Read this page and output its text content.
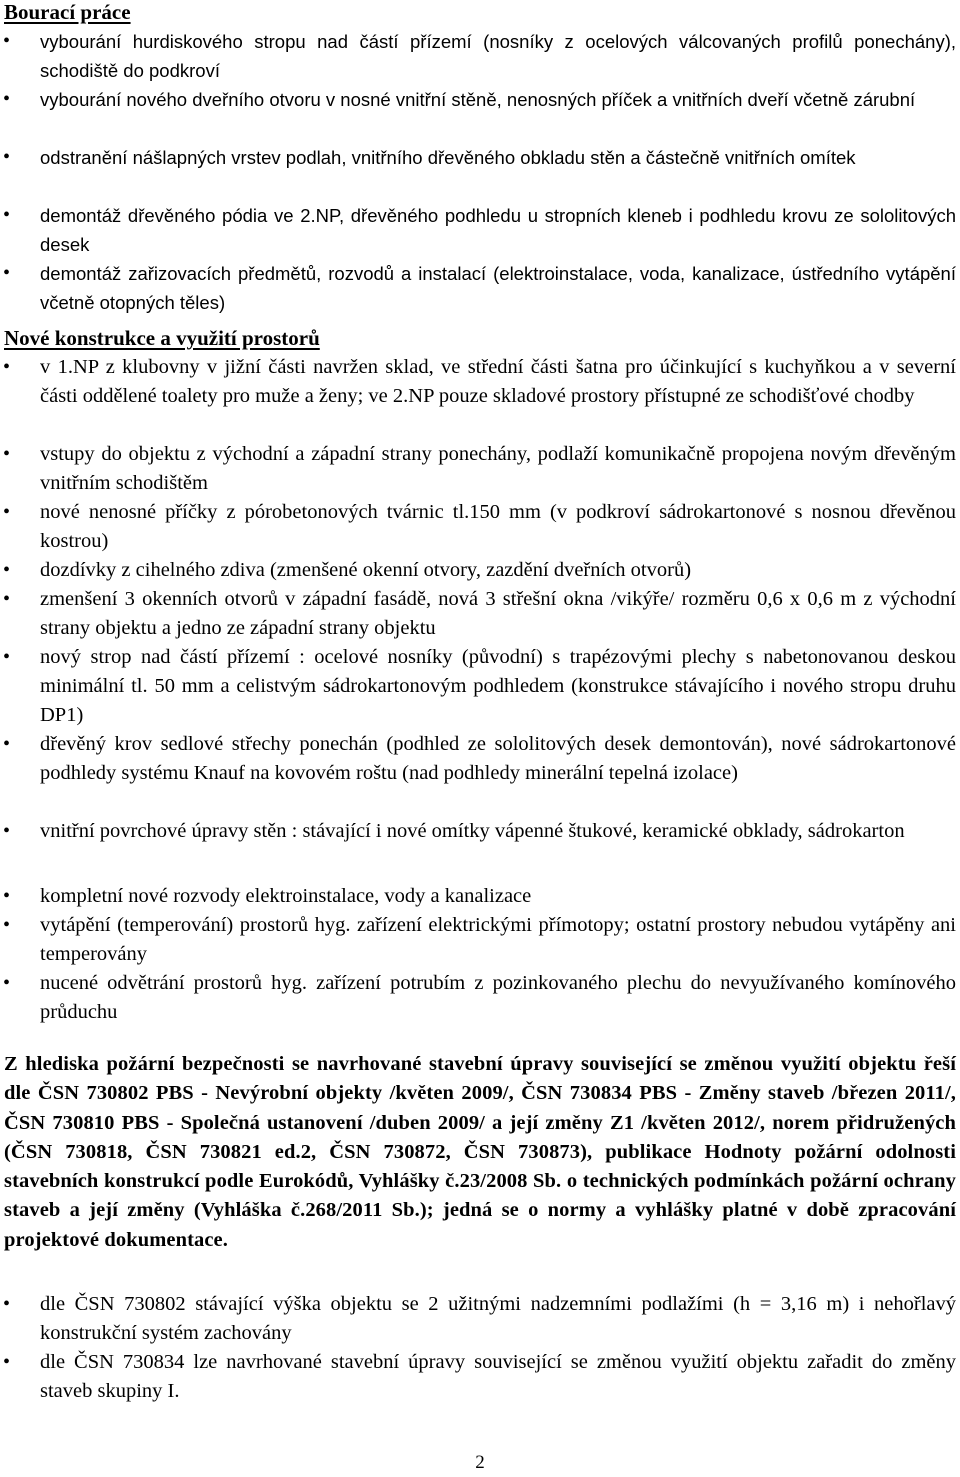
Bourací práce
• vybourání hurdiskového stropu nad částí přízemí (nosníky z ocelových válcovaných profilů ponechány), schodiště do podkroví
• vybourání nového dveřního otvoru v nosné vnitřní stěně, nenosných příček a vnitřních dveří včetně zárubní
• odstranění nášlapných vrstev podlah, vnitřního dřevěného obkladu stěn a částečně vnitřních omítek
• demontáž dřevěného pódia ve 2.NP, dřevěného podhledu u stropních kleneb i podhledu krovu ze sololitových desek
• demontáž zařizovacích předmětů, rozvodů a instalací (elektroinstalace, voda, kanalizace, ústředního vytápění včetně otopných těles)
Nové konstrukce a využití prostorů
• v 1.NP z klubovny v jižní části navržen sklad, ve střední části šatna pro účinkující s kuchyňkou a v severní části oddělené toalety pro muže a ženy; ve 2.NP pouze skladové prostory přístupné ze schodišťové chodby
• vstupy do objektu z východní a západní strany ponechány, podlaží komunikačně propojena novým dřevěným vnitřním schodištěm
• nové nenosné příčky z pórobetonových tvárnic tl.150 mm (v podkroví sádrokartonové s nosnou dřevěnou kostrou)
• dozdívky z cihelného zdiva (zmenšené okenní otvory, zazdění dveřních otvorů)
• zmenšení 3 okenních otvorů v západní fasádě, nová 3 střešní okna /vikýře/ rozměru 0,6 x 0,6 m z východní strany objektu a jedno ze západní strany objektu
• nový strop nad částí přízemí : ocelové nosníky (původní) s trapézovými plechy s nabetonovanou deskou minimální tl. 50 mm a celistvým sádrokartonovým podhledem (konstrukce stávajícího i nového stropu druhu DP1)
• dřevěný krov sedlové střechy ponechán (podhled ze sololitových desek demontován), nové sádrokartonové podhledy systému Knauf na kovovém roštu (nad podhledy minerální tepelná izolace)
• vnitřní povrchové úpravy stěn : stávající i nové omítky vápenné štukové, keramické obklady, sádrokarton
• kompletní nové rozvody elektroinstalace, vody a kanalizace
• vytápění (temperování) prostorů hyg. zařízení elektrickými přímotopy; ostatní prostory nebudou vytápěny ani temperovány
• nucené odvětrání prostorů hyg. zařízení potrubím z pozinkovaného plechu do nevyužívaného komínového průduchu
Z hlediska požární bezpečnosti se navrhované stavební úpravy související se změnou využití objektu řeší dle ČSN 730802 PBS - Nevýrobní objekty /květen 2009/, ČSN 730834 PBS - Změny staveb /březen 2011/, ČSN 730810 PBS - Společná ustanovení /duben 2009/ a její změny Z1 /květen 2012/, norem přidružených (ČSN 730818, ČSN 730821 ed.2, ČSN 730872, ČSN 730873), publikace Hodnoty požární odolnosti stavebních konstrukcí podle Eurokódů, Vyhlášky č.23/2008 Sb. o technických podmínkách požární ochrany staveb a její změny (Vyhláška č.268/2011 Sb.); jedná se o normy a vyhlášky platné v době zpracování projektové dokumentace.
• dle ČSN 730802 stávající výška objektu se 2 užitnými nadzemními podlažími (h = 3,16 m) i nehořlavý konstrukční systém zachovány
• dle ČSN 730834 lze navrhované stavební úpravy související se změnou využití objektu zařadit do změny staveb skupiny I.
2
